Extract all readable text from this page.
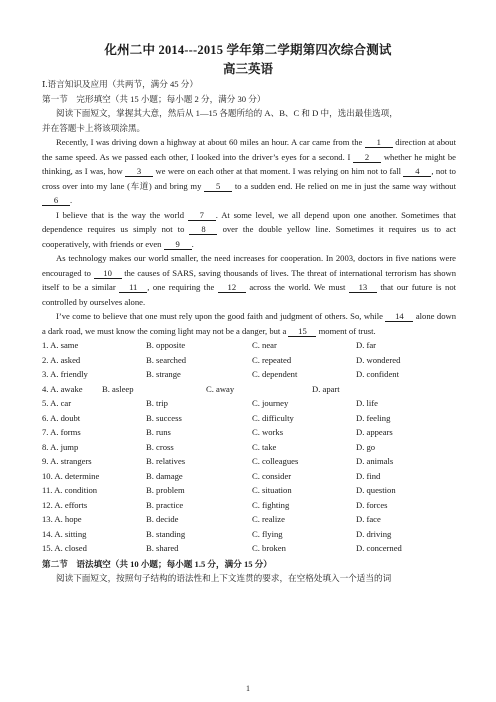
化州二中 2014---2015 学年第二学期第四次综合测试
高三英语
Ⅰ.语言知识及应用（共两节，满分 45 分）
第一节　完形填空（共 15 小题；每小题 2 分，满分 30 分）
阅读下面短文，掌握其大意，然后从 1—15 各题所给的 A、B、C 和 D 中，选出最佳选项，
并在答题卡上将该项涂黑。

Recently, I was driving down a highway at about 60 miles an hour. A car came from the 1 direction at about the same speed. As we passed each other, I looked into the driver’s eyes for a second. I 2 whether he might be thinking, as I was, how 3 we were on each other at that moment. I was relying on him not to fall 4 , not to cross over into my lane (车道) and bring my 5 to a sudden end. He relied on me in just the same way without 6 .

I believe that is the way the world 7 . At some level, we all depend upon one another. Sometimes that dependence requires us simply not to 8 over the double yellow line. Sometimes it requires us to act cooperatively, with friends or even 9 .

As technology makes our world smaller, the need increases for cooperation. In 2003, doctors in five nations were encouraged to 10 the causes of SARS, saving thousands of lives. The threat of international terrorism has shown itself to be a similar 11 , one requiring the 12 across the world. We must 13 that our future is not controlled by ourselves alone.

I’ve come to believe that one must rely upon the good faith and judgment of others. So, while 14 alone down a dark road, we must know the coming light may not be a danger, but a 15 moment of trust.

1. A. same	B. opposite	C. near	D. far
2. A. asked	B. searched	C. repeated	D. wondered
3. A. friendly	B. strange	C. dependent	D. confident
4. A. awake	B. asleep	C. away	D. apart
5. A. car	B. trip	C. journey	D. life
6. A. doubt	B. success	C. difficulty	D. feeling
7. A. forms	B. runs	C. works	D. appears
8. A. jump	B. cross	C. take	D. go
9. A. strangers	B. relatives	C. colleagues	D. animals
10. A. determine	B. damage	C. consider	D. find
11. A. condition	B. problem	C. situation	D. question
12. A. efforts	B. practice	C. fighting	D. forces
13. A. hope	B. decide	C. realize	D. face
14. A. sitting	B. standing	C. flying	D. driving
15. A. closed	B. shared	C. broken	D. concerned
第二节　语法填空（共 10 小题；每小题 1.5 分，满分 15 分）
阅读下面短文，按照句子结构的语法性和上下文连贯的要求，在空格处填入一个适当的词
1
